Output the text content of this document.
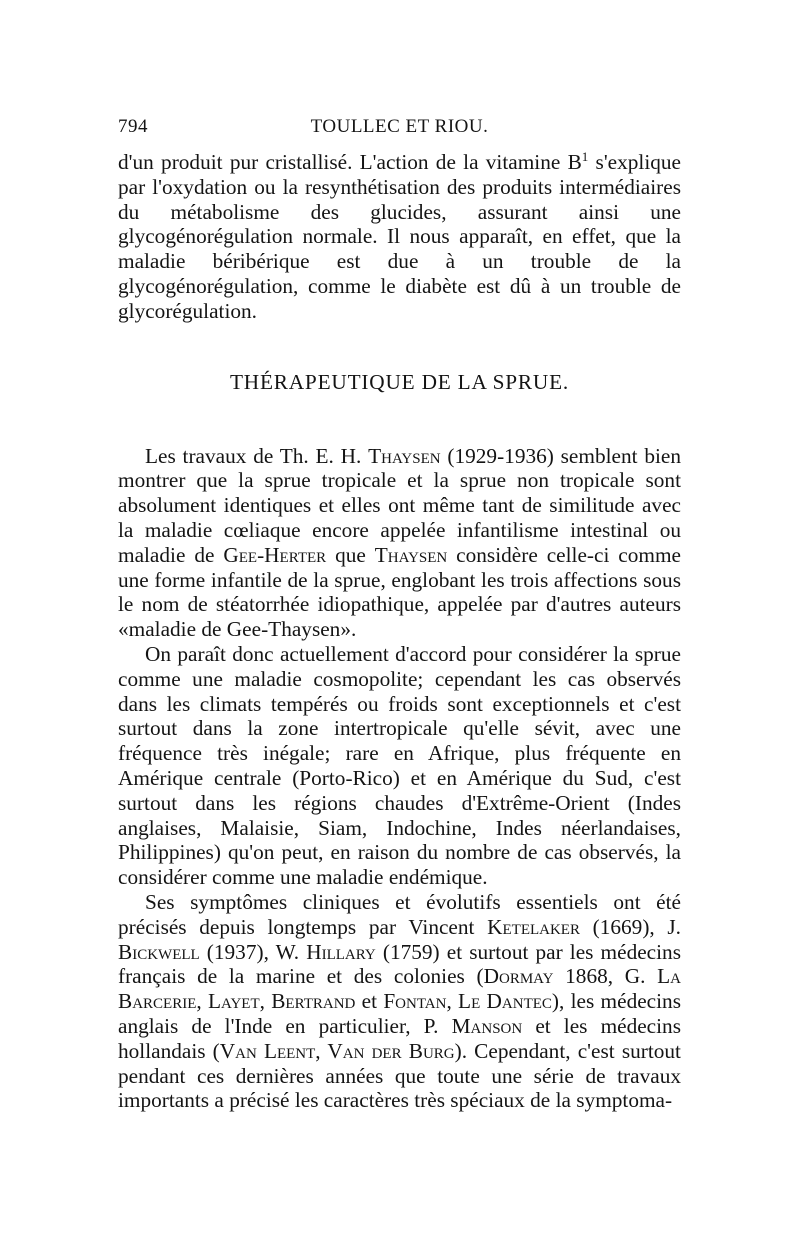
794	TOULLEC ET RIOU.

d'un produit pur cristallisé. L'action de la vitamine $B^1$ s'explique par l'oxydation ou la resynthétisation des produits intermédiaires du métabolisme des glucides, assurant ainsi une glycogénorégulation normale. Il nous apparaît, en effet, que la maladie béribérique est due à un trouble de la glycogénorégulation, comme le diabète est dû à un trouble de glycorégulation.

THÉRAPEUTIQUE DE LA SPRUE.

Les travaux de Th. E. H. Thaysen (1929-1936) semblent bien montrer que la sprue tropicale et la sprue non tropicale sont absolument identiques et elles ont même tant de similitude avec la maladie cœliaque encore appelée infantilisme intestinal ou maladie de Gee-Herter que Thaysen considère celle-ci comme une forme infantile de la sprue, englobant les trois affections sous le nom de stéatorrhée idiopathique, appelée par d'autres auteurs «maladie de Gee-Thaysen».

On paraît donc actuellement d'accord pour considérer la sprue comme une maladie cosmopolite; cependant les cas observés dans les climats tempérés ou froids sont exceptionnels et c'est surtout dans la zone intertropicale qu'elle sévit, avec une fréquence très inégale; rare en Afrique, plus fréquente en Amérique centrale (Porto-Rico) et en Amérique du Sud, c'est surtout dans les régions chaudes d'Extrême-Orient (Indes anglaises, Malaisie, Siam, Indochine, Indes néerlandaises, Philippines) qu'on peut, en raison du nombre de cas observés, la considérer comme une maladie endémique.

Ses symptômes cliniques et évolutifs essentiels ont été précisés depuis longtemps par Vincent Ketelaker (1669), J. Bickwell (1937), W. Hillary (1759) et surtout par les médecins français de la marine et des colonies (Dormay 1868, G. La Barcerie, Layet, Bertrand et Fontan, Le Dantec), les médecins anglais de l'Inde en particulier, P. Manson et les médecins hollandais (Van Leent, Van der Burg). Cependant, c'est surtout pendant ces dernières années que toute une série de travaux importants a précisé les caractères très spéciaux de la symptoma-
